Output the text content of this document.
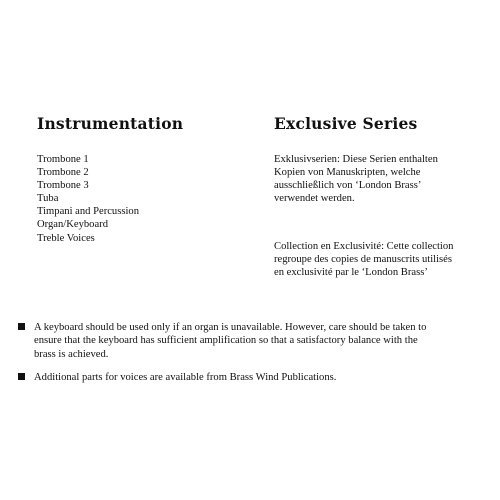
Instrumentation
Trombone 1
Trombone 2
Trombone 3
Tuba
Timpani and Percussion
Organ/Keyboard
Treble Voices
Exclusive Series

Exklusivserien: Diese Serien enthalten
Kopien von Manuskripten, welche
ausschließlich von ‘London Brass’
verwendet werden.

Collection en Exclusivité: Cette collection
regroupe des copies de manuscrits utilisés
en exclusivité par le ‘London Brass’

A keyboard should be used only if an organ is unavailable. However, care should be taken to
ensure that the keyboard has sufficient amplification so that a satisfactory balance with the
brass is achieved.
Additional parts for voices are available from Brass Wind Publications.
